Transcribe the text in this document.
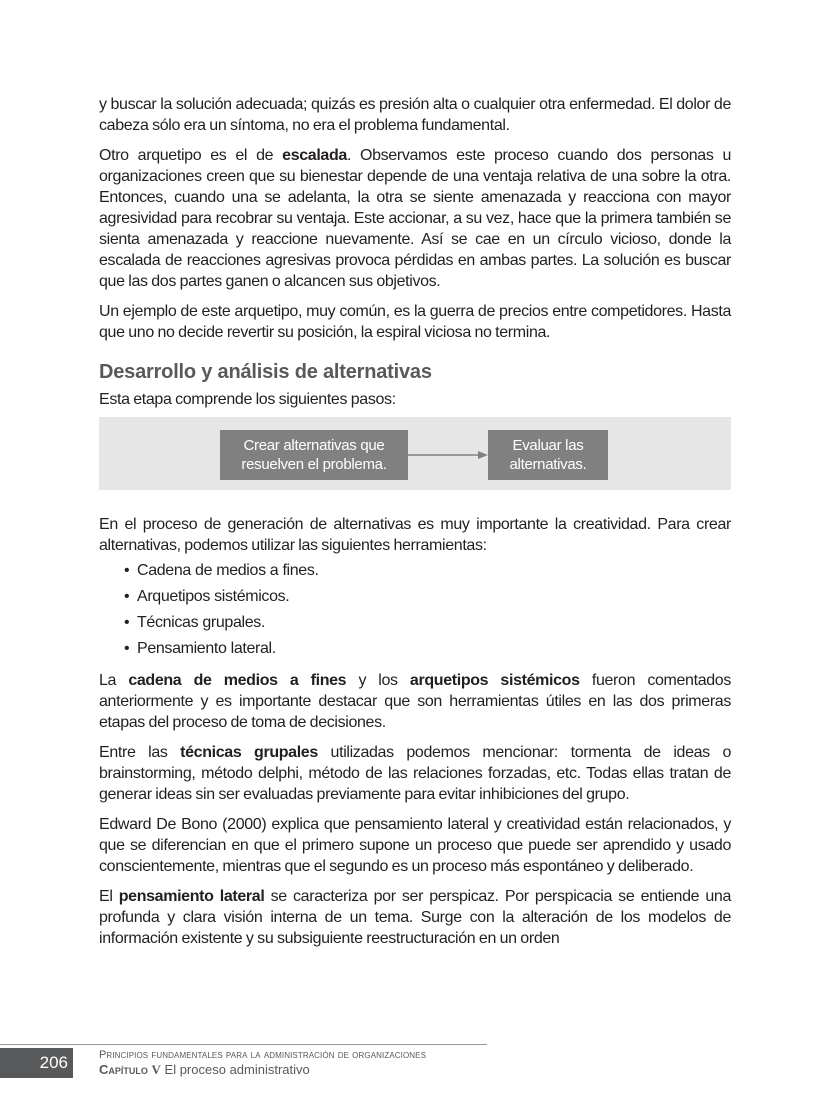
y buscar la solución adecuada; quizás es presión alta o cualquier otra enfermedad. El dolor de cabeza sólo era un síntoma, no era el problema fundamental.

Otro arquetipo es el de escalada. Observamos este proceso cuando dos personas u organizaciones creen que su bienestar depende de una ventaja relativa de una sobre la otra. Entonces, cuando una se adelanta, la otra se siente amenazada y reacciona con mayor agresividad para recobrar su ventaja. Este accionar, a su vez, hace que la primera también se sienta amenazada y reaccione nuevamente. Así se cae en un círculo vicioso, donde la escalada de reacciones agresivas provoca pérdidas en ambas partes. La solución es buscar que las dos partes ganen o alcancen sus objetivos.

Un ejemplo de este arquetipo, muy común, es la guerra de precios entre competidores. Hasta que uno no decide revertir su posición, la espiral viciosa no termina.

Desarrollo y análisis de alternativas

Esta etapa comprende los siguientes pasos:

Crear alternativas que
resuelven el problema.
Evaluar las
alternativas.

En el proceso de generación de alternativas es muy importante la creatividad. Para crear alternativas, podemos utilizar las siguientes herramientas:

• Cadena de medios a fines.
• Arquetipos sistémicos.
• Técnicas grupales.
• Pensamiento lateral.

La cadena de medios a fines y los arquetipos sistémicos fueron comentados anteriormente y es importante destacar que son herramientas útiles en las dos primeras etapas del proceso de toma de decisiones.

Entre las técnicas grupales utilizadas podemos mencionar: tormenta de ideas o brainstorming, método delphi, método de las relaciones forzadas, etc. Todas ellas tratan de generar ideas sin ser evaluadas previamente para evitar inhibiciones del grupo.

Edward De Bono (2000) explica que pensamiento lateral y creatividad están relacionados, y que se diferencian en que el primero supone un proceso que puede ser aprendido y usado conscientemente, mientras que el segundo es un proceso más espontáneo y deliberado.

El pensamiento lateral se caracteriza por ser perspicaz. Por perspicacia se entiende una profunda y clara visión interna de un tema. Surge con la alteración de los modelos de información existente y su subsiguiente reestructuración en un orden

206	Principios fundamentales para la administración de organizaciones
Capítulo V El proceso administrativo
